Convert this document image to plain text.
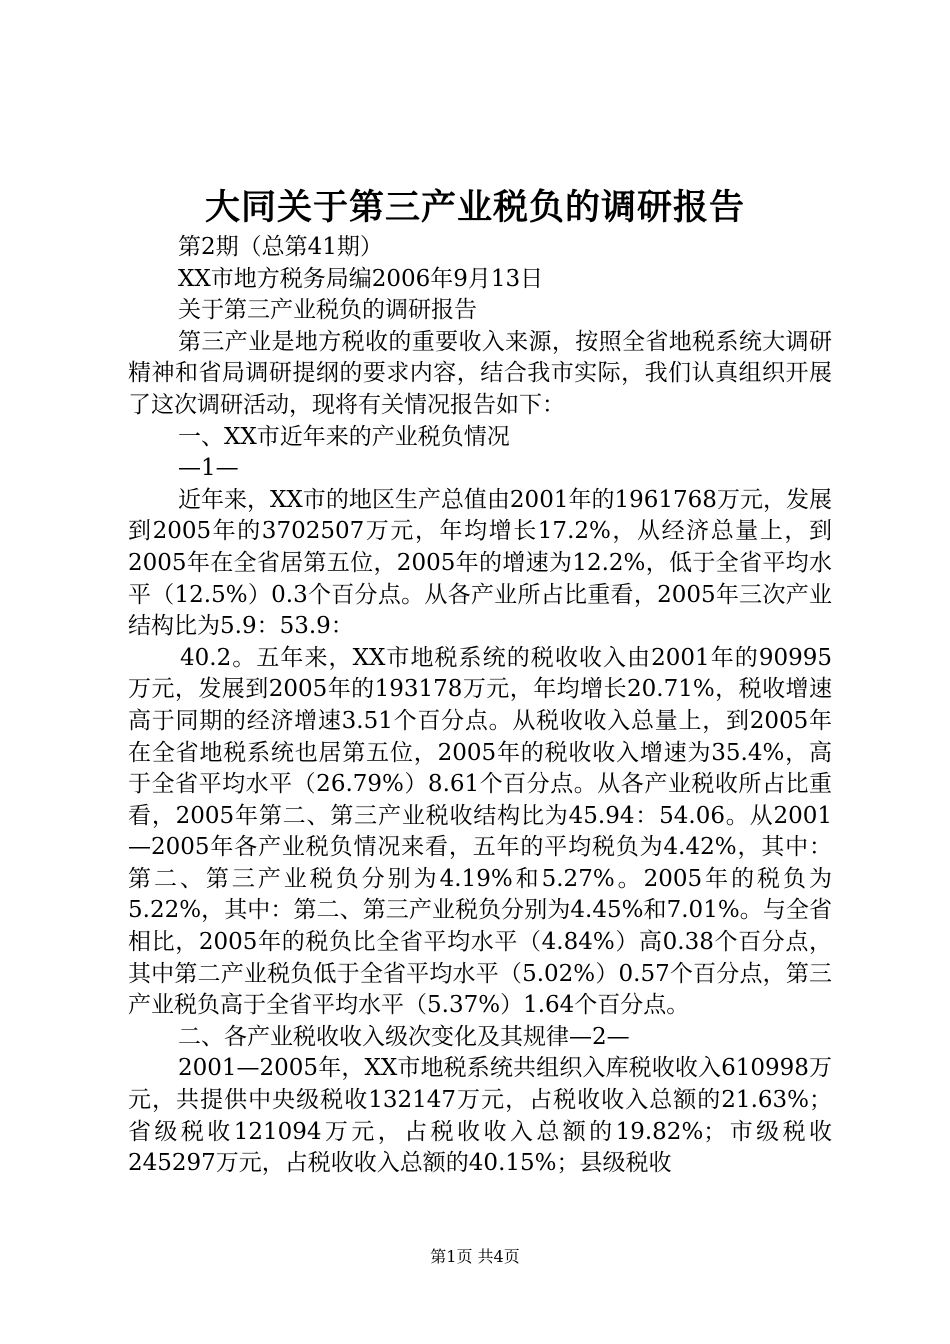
大同关于第三产业税负的调研报告

第2期（总第41期）

XX市地方税务局编2006年9月13日

关于第三产业税负的调研报告

第三产业是地方税收的重要收入来源，按照全省地税系统大调研精神和省局调研提纲的要求内容，结合我市实际，我们认真组织开展了这次调研活动，现将有关情况报告如下：

一、XX市近年来的产业税负情况

—1—

近年来，XX市的地区生产总值由2001年的1961768万元，发展到2005年的3702507万元，年均增长17.2%，从经济总量上，到2005年在全省居第五位，2005年的增速为12.2%，低于全省平均水平（12.5%）0.3个百分点。从各产业所占比重看，2005年三次产业结构比为5.9：53.9：

40.2。五年来，XX市地税系统的税收收入由2001年的90995万元，发展到2005年的193178万元，年均增长20.71%，税收增速高于同期的经济增速3.51个百分点。从税收收入总量上，到2005年在全省地税系统也居第五位，2005年的税收收入增速为35.4%，高于全省平均水平（26.79%）8.61个百分点。从各产业税收所占比重看，2005年第二、第三产业税收结构比为45.94：54.06。从2001—2005年各产业税负情况来看，五年的平均税负为4.42%，其中：第二、第三产业税负分别为4.19%和5.27%。2005年的税负为5.22%，其中：第二、第三产业税负分别为4.45%和7.01%。与全省相比，2005年的税负比全省平均水平（4.84%）高0.38个百分点，其中第二产业税负低于全省平均水平（5.02%）0.57个百分点，第三产业税负高于全省平均水平（5.37%）1.64个百分点。

二、各产业税收收入级次变化及其规律—2—

2001—2005年，XX市地税系统共组织入库税收收入610998万元，共提供中央级税收132147万元，占税收收入总额的21.63%；省级税收121094万元，占税收收入总额的19.82%；市级税收245297万元，占税收收入总额的40.15%；县级税收

第1页 共4页
